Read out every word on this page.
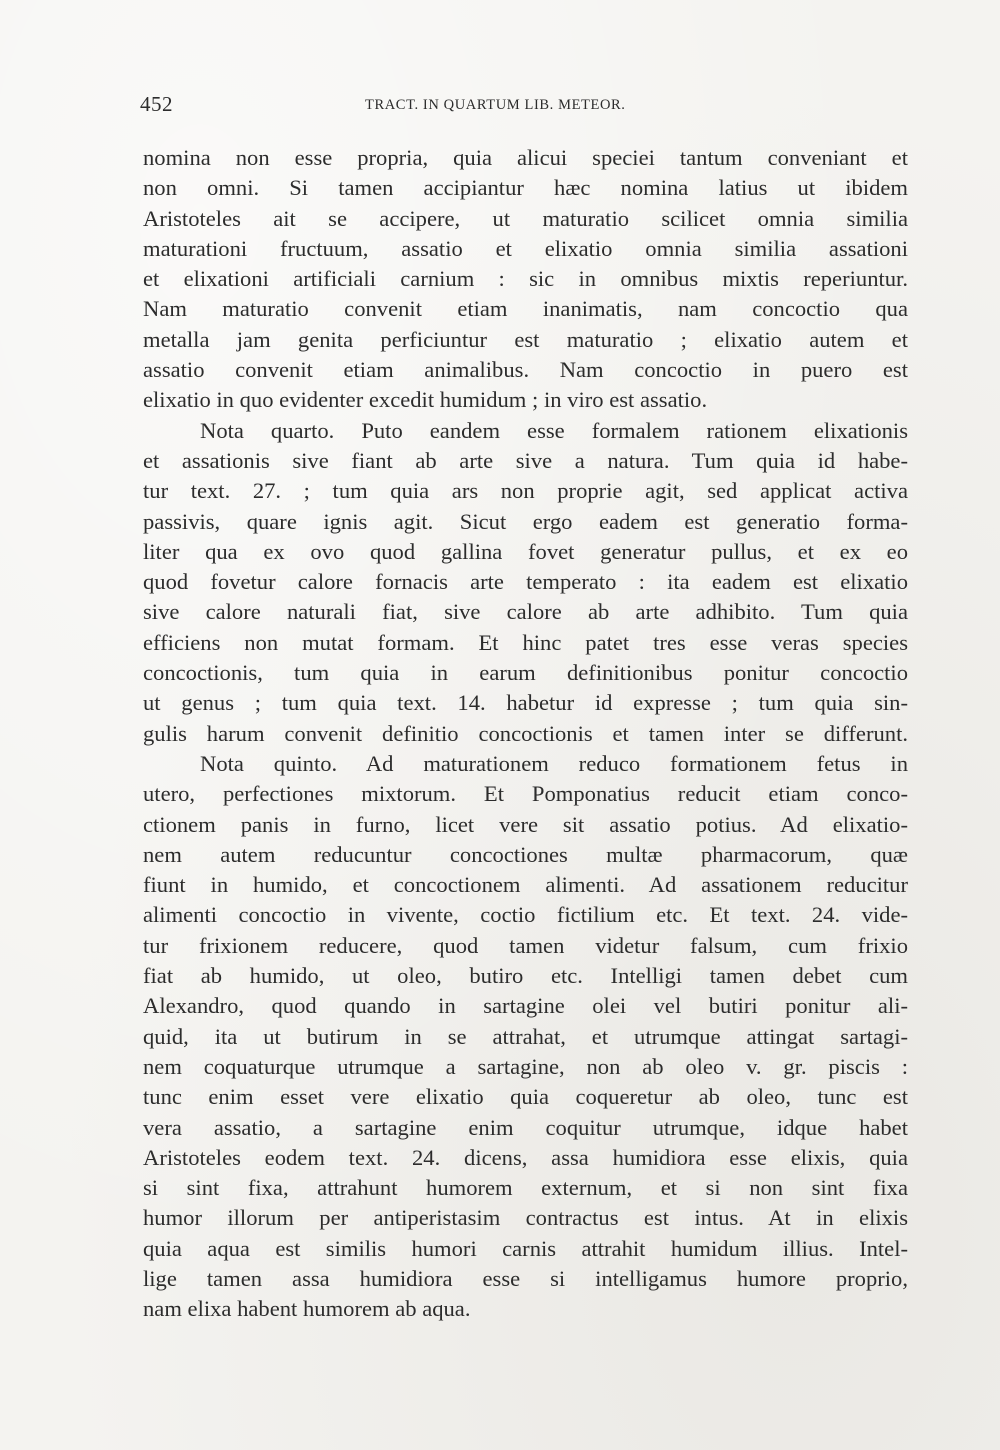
452	TRACT. IN QUARTUM LIB. METEOR.
nomina non esse propria, quia alicui speciei tantum conveniant et
non omni. Si tamen accipiantur hæc nomina latius ut ibidem
Aristoteles ait se accipere, ut maturatio scilicet omnia similia
maturationi fructuum, assatio et elixatio omnia similia assationi
et elixationi artificiali carnium : sic in omnibus mixtis reperiuntur.
Nam maturatio convenit etiam inanimatis, nam concoctio qua
metalla jam genita perficiuntur est maturatio ; elixatio autem et
assatio convenit etiam animalibus. Nam concoctio in puero est
elixatio in quo evidenter excedit humidum ; in viro est assatio.
Nota quarto. Puto eandem esse formalem rationem elixationis
et assationis sive fiant ab arte sive a natura. Tum quia id habe-
tur text. 27. ; tum quia ars non proprie agit, sed applicat activa
passivis, quare ignis agit. Sicut ergo eadem est generatio forma-
liter qua ex ovo quod gallina fovet generatur pullus, et ex eo
quod fovetur calore fornacis arte temperato : ita eadem est elixatio
sive calore naturali fiat, sive calore ab arte adhibito. Tum quia
efficiens non mutat formam. Et hinc patet tres esse veras species
concoctionis, tum quia in earum definitionibus ponitur concoctio
ut genus ; tum quia text. 14. habetur id expresse ; tum quia sin-
gulis harum convenit definitio concoctionis et tamen inter se differunt.
Nota quinto. Ad maturationem reduco formationem fetus in
utero, perfectiones mixtorum. Et Pomponatius reducit etiam conco-
ctionem panis in furno, licet vere sit assatio potius. Ad elixatio-
nem autem reducuntur concoctiones multæ pharmacorum, quæ
fiunt in humido, et concoctionem alimenti. Ad assationem reducitur
alimenti concoctio in vivente, coctio fictilium etc. Et text. 24. vide-
tur frixionem reducere, quod tamen videtur falsum, cum frixio
fiat ab humido, ut oleo, butiro etc. Intelligi tamen debet cum
Alexandro, quod quando in sartagine olei vel butiri ponitur ali-
quid, ita ut butirum in se attrahat, et utrumque attingat sartagi-
nem coquaturque utrumque a sartagine, non ab oleo v. gr. piscis :
tunc enim esset vere elixatio quia coqueretur ab oleo, tunc est
vera assatio, a sartagine enim coquitur utrumque, idque habet
Aristoteles eodem text. 24. dicens, assa humidiora esse elixis, quia
si sint fixa, attrahunt humorem externum, et si non sint fixa
humor illorum per antiperistasim contractus est intus. At in elixis
quia aqua est similis humori carnis attrahit humidum illius. Intel-
lige tamen assa humidiora esse si intelligamus humore proprio,
nam elixa habent humorem ab aqua.
